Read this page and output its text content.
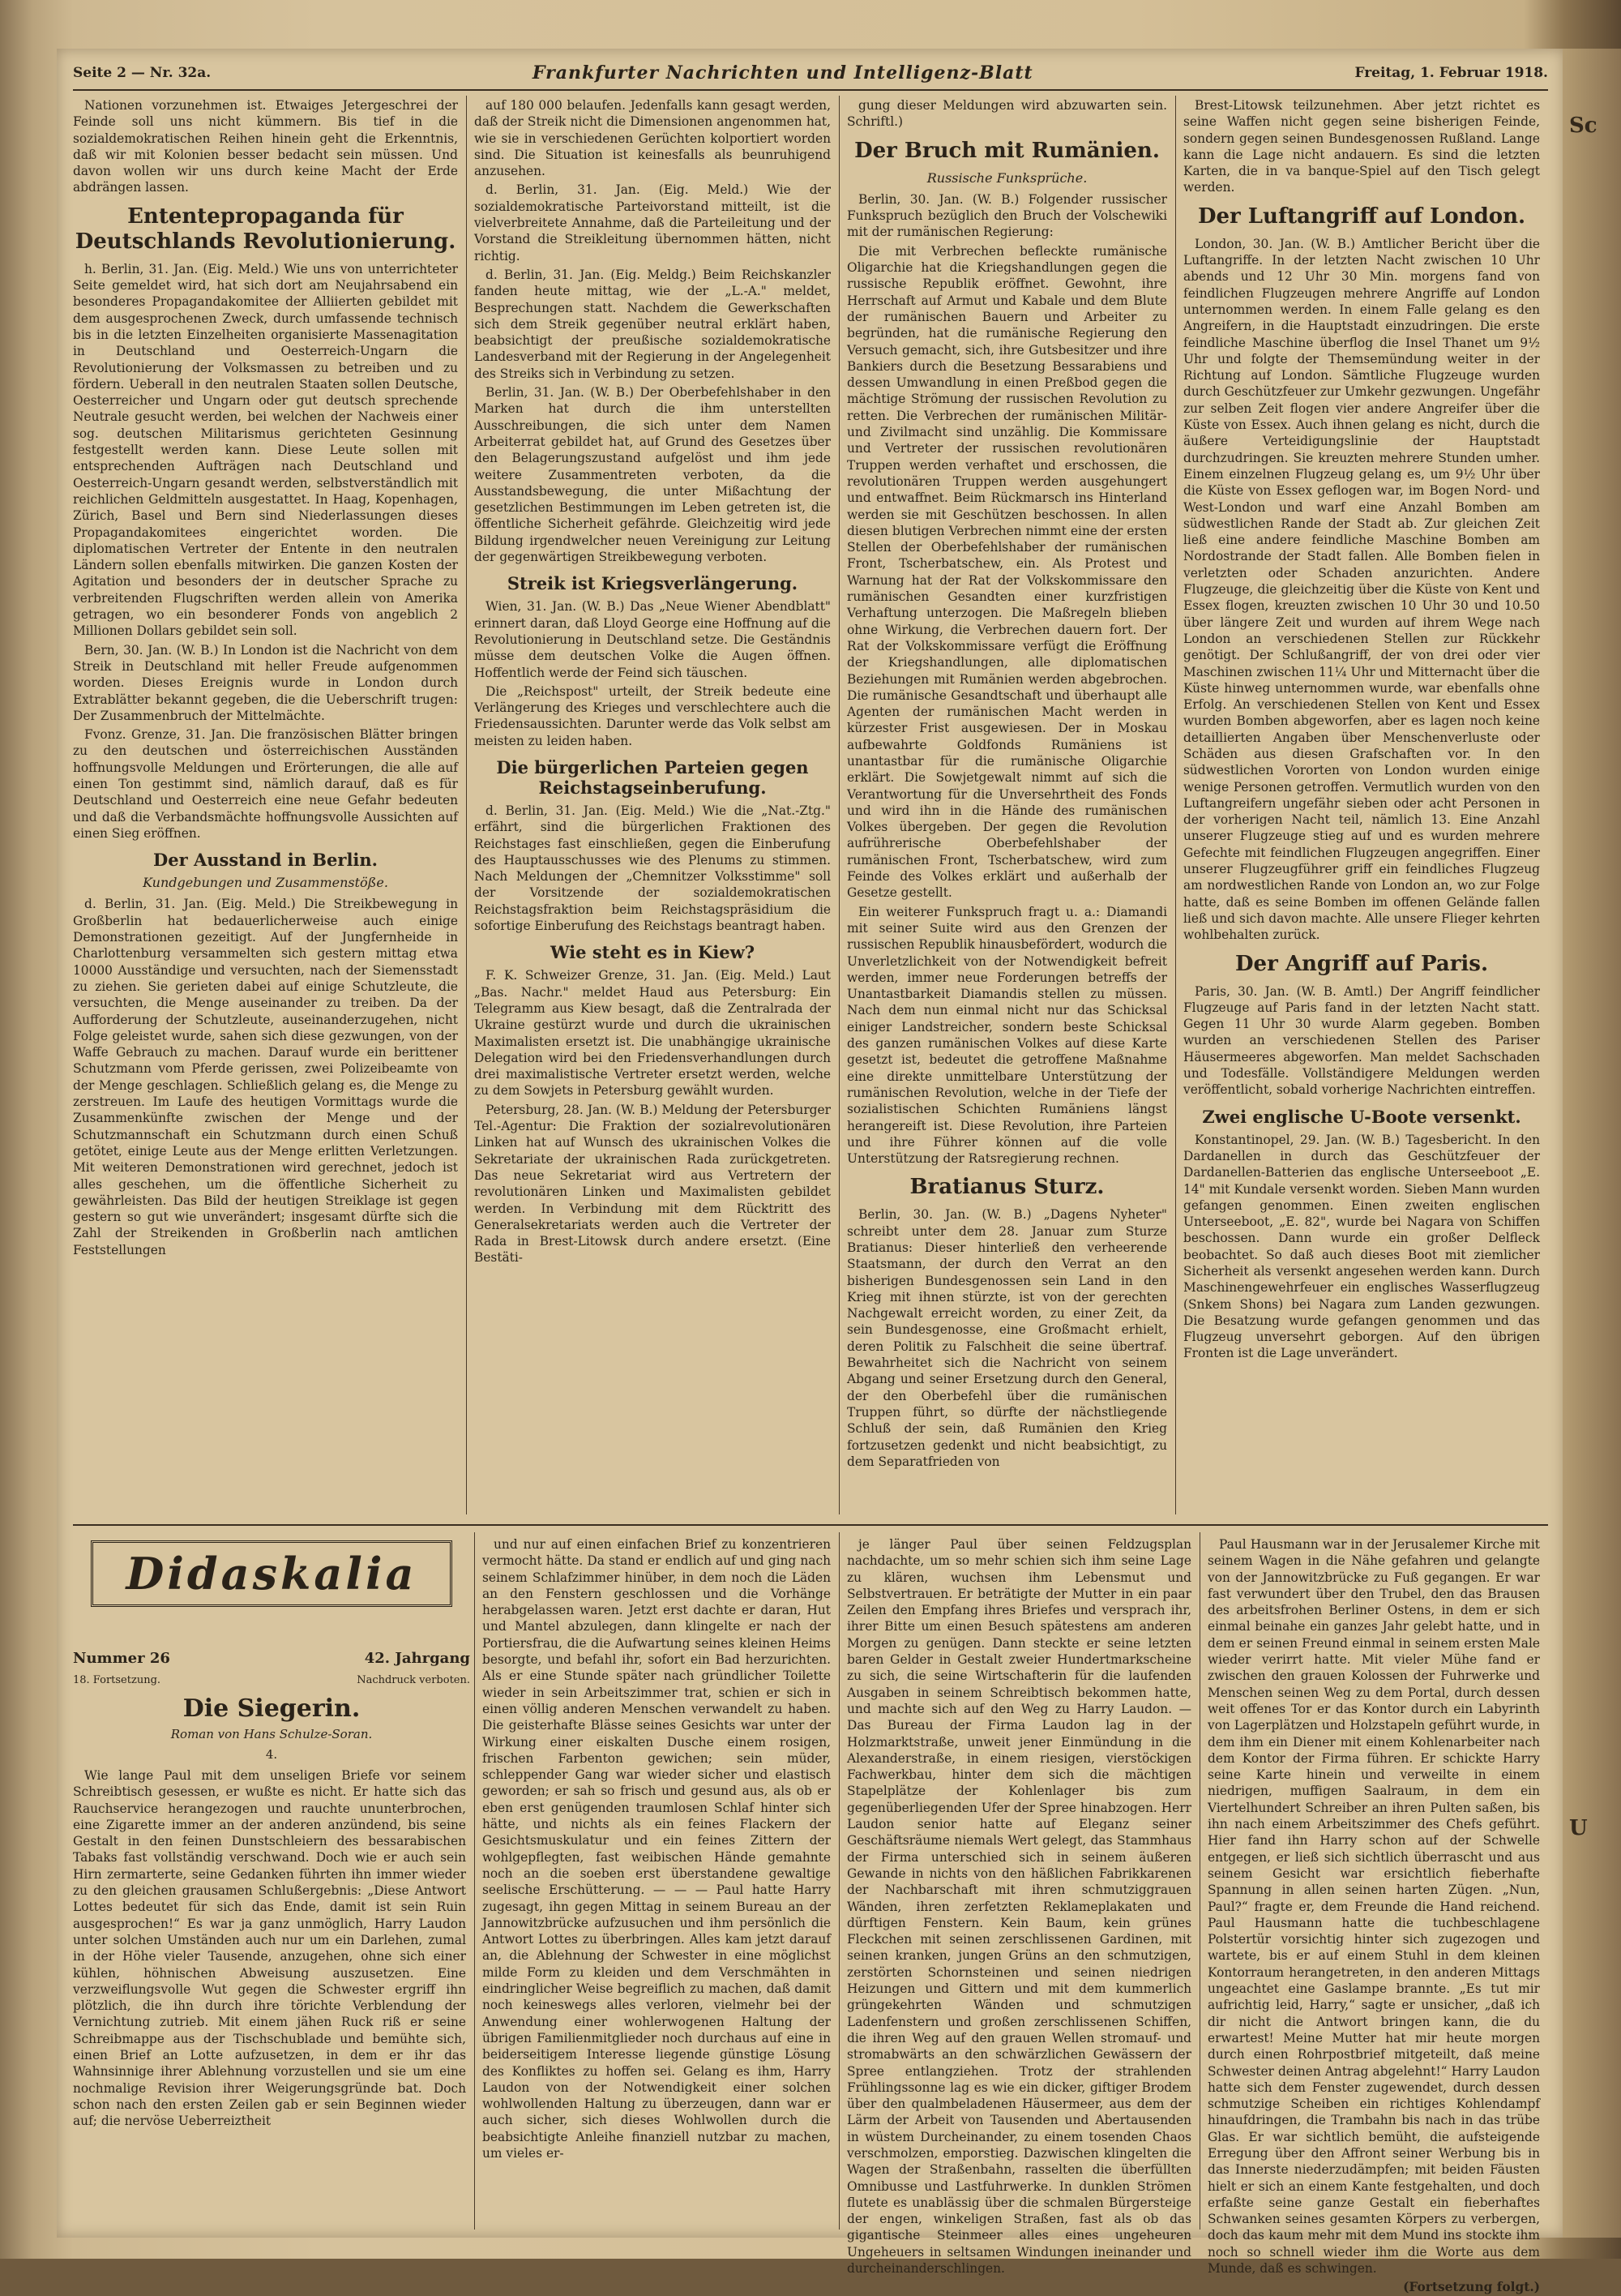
Sc
U
Seite 2 — Nr. 32a.	Frankfurter Nachrichten und Intelligenz-Blatt	Freitag, 1. Februar 1918.

Nationen vorzunehmen ist. Etwaiges Jetergeschrei der Feinde soll uns nicht kümmern. Bis tief in die sozialdemokratischen Reihen hinein geht die Erkenntnis, daß wir mit Kolonien besser bedacht sein müssen. Und davon wollen wir uns durch keine Macht der Erde abdrängen lassen.

Ententepropaganda für Deutschlands Revolutionierung.

h. Berlin, 31. Jan. (Eig. Meld.) Wie uns von unterrichteter Seite gemeldet wird, hat sich dort am Neujahrsabend ein besonderes Propagandakomitee der Alliierten gebildet mit dem ausgesprochenen Zweck, durch umfassende technisch bis in die letzten Einzelheiten organisierte Massenagitation in Deutschland und Oesterreich-Ungarn die Revolutionierung der Volksmassen zu betreiben und zu fördern. Ueberall in den neutralen Staaten sollen Deutsche, Oesterreicher und Ungarn oder gut deutsch sprechende Neutrale gesucht werden, bei welchen der Nachweis einer sog. deutschen Militarismus gerichteten Gesinnung festgestellt werden kann. Diese Leute sollen mit entsprechenden Aufträgen nach Deutschland und Oesterreich-Ungarn gesandt werden, selbstverständlich mit reichlichen Geldmitteln ausgestattet. In Haag, Kopenhagen, Zürich, Basel und Bern sind Niederlassungen dieses Propagandakomitees eingerichtet worden. Die diplomatischen Vertreter der Entente in den neutralen Ländern sollen ebenfalls mitwirken. Die ganzen Kosten der Agitation und besonders der in deutscher Sprache zu verbreitenden Flugschriften werden allein von Amerika getragen, wo ein besonderer Fonds von angeblich 2 Millionen Dollars gebildet sein soll.

Bern, 30. Jan. (W. B.) In London ist die Nachricht von dem Streik in Deutschland mit heller Freude aufgenommen worden. Dieses Ereignis wurde in London durch Extrablätter bekannt gegeben, die die Ueberschrift trugen: Der Zusammenbruch der Mittelmächte.

Fvonz. Grenze, 31. Jan. Die französischen Blätter bringen zu den deutschen und österreichischen Ausständen hoffnungsvolle Meldungen und Erörterungen, die alle auf einen Ton gestimmt sind, nämlich darauf, daß es für Deutschland und Oesterreich eine neue Gefahr bedeuten und daß die Verbandsmächte hoffnungsvolle Aussichten auf einen Sieg eröffnen.

Der Ausstand in Berlin.
Kundgebungen und Zusammenstöße.

d. Berlin, 31. Jan. (Eig. Meld.) Die Streikbewegung in Großberlin hat bedauerlicherweise auch einige Demonstrationen gezeitigt. Auf der Jungfernheide in Charlottenburg versammelten sich gestern mittag etwa 10000 Ausständige und versuchten, nach der Siemensstadt zu ziehen. Sie gerieten dabei auf einige Schutzleute, die versuchten, die Menge auseinander zu treiben. Da der Aufforderung der Schutzleute, auseinanderzugehen, nicht Folge geleistet wurde, sahen sich diese gezwungen, von der Waffe Gebrauch zu machen. Darauf wurde ein berittener Schutzmann vom Pferde gerissen, zwei Polizeibeamte von der Menge geschlagen. Schließlich gelang es, die Menge zu zerstreuen. Im Laufe des heutigen Vormittags wurde die Zusammenkünfte zwischen der Menge und der Schutzmannschaft ein Schutzmann durch einen Schuß getötet, einige Leute aus der Menge erlitten Verletzungen. Mit weiteren Demonstrationen wird gerechnet, jedoch ist alles geschehen, um die öffentliche Sicherheit zu gewährleisten. Das Bild der heutigen Streiklage ist gegen gestern so gut wie unverändert; insgesamt dürfte sich die Zahl der Streikenden in Großberlin nach amtlichen Feststellungen

auf 180 000 belaufen. Jedenfalls kann gesagt werden, daß der Streik nicht die Dimensionen angenommen hat, wie sie in verschiedenen Gerüchten kolportiert worden sind. Die Situation ist keinesfalls als beunruhigend anzusehen.

d. Berlin, 31. Jan. (Eig. Meld.) Wie der sozialdemokratische Parteivorstand mitteilt, ist die vielverbreitete Annahme, daß die Parteileitung und der Vorstand die Streikleitung übernommen hätten, nicht richtig.

d. Berlin, 31. Jan. (Eig. Meldg.) Beim Reichskanzler fanden heute mittag, wie der „L.-A." meldet, Besprechungen statt. Nachdem die Gewerkschaften sich dem Streik gegenüber neutral erklärt haben, beabsichtigt der preußische sozialdemokratische Landesverband mit der Regierung in der Angelegenheit des Streiks sich in Verbindung zu setzen.

Berlin, 31. Jan. (W. B.) Der Oberbefehlshaber in den Marken hat durch die ihm unterstellten Ausschreibungen, die sich unter dem Namen Arbeiterrat gebildet hat, auf Grund des Gesetzes über den Belagerungszustand aufgelöst und ihm jede weitere Zusammentreten verboten, da die Ausstandsbewegung, die unter Mißachtung der gesetzlichen Bestimmungen im Leben getreten ist, die öffentliche Sicherheit gefährde. Gleichzeitig wird jede Bildung irgendwelcher neuen Vereinigung zur Leitung der gegenwärtigen Streikbewegung verboten.

Streik ist Kriegsverlängerung.

Wien, 31. Jan. (W. B.) Das „Neue Wiener Abendblatt" erinnert daran, daß Lloyd George eine Hoffnung auf die Revolutionierung in Deutschland setze. Die Geständnis müsse dem deutschen Volke die Augen öffnen. Hoffentlich werde der Feind sich täuschen.

Die „Reichspost" urteilt, der Streik bedeute eine Verlängerung des Krieges und verschlechtere auch die Friedensaussichten. Darunter werde das Volk selbst am meisten zu leiden haben.

Die bürgerlichen Parteien gegen Reichstagseinberufung.

d. Berlin, 31. Jan. (Eig. Meld.) Wie die „Nat.-Ztg." erfährt, sind die bürgerlichen Fraktionen des Reichstages fast einschließen, gegen die Einberufung des Hauptausschusses wie des Plenums zu stimmen. Nach Meldungen der „Chemnitzer Volksstimme" soll der Vorsitzende der sozialdemokratischen Reichstagsfraktion beim Reichstagspräsidium die sofortige Einberufung des Reichstags beantragt haben.

Wie steht es in Kiew?

F. K. Schweizer Grenze, 31. Jan. (Eig. Meld.) Laut „Bas. Nachr." meldet Haud aus Petersburg: Ein Telegramm aus Kiew besagt, daß die Zentralrada der Ukraine gestürzt wurde und durch die ukrainischen Maximalisten ersetzt ist. Die unabhängige ukrainische Delegation wird bei den Friedensverhandlungen durch drei maximalistische Vertreter ersetzt werden, welche zu dem Sowjets in Petersburg gewählt wurden.

Petersburg, 28. Jan. (W. B.) Meldung der Petersburger Tel.-Agentur: Die Fraktion der sozialrevolutionären Linken hat auf Wunsch des ukrainischen Volkes die Sekretariate der ukrainischen Rada zurückgetreten. Das neue Sekretariat wird aus Vertretern der revolutionären Linken und Maximalisten gebildet werden. In Verbindung mit dem Rücktritt des Generalsekretariats werden auch die Vertreter der Rada in Brest-Litowsk durch andere ersetzt. (Eine Bestäti-

gung dieser Meldungen wird abzuwarten sein. Schriftl.)

Der Bruch mit Rumänien.
Russische Funksprüche.

Berlin, 30. Jan. (W. B.) Folgender russischer Funkspruch bezüglich den Bruch der Volschewiki mit der rumänischen Regierung:

Die mit Verbrechen befleckte rumänische Oligarchie hat die Kriegshandlungen gegen die russische Republik eröffnet. Gewohnt, ihre Herrschaft auf Armut und Kabale und dem Blute der rumänischen Bauern und Arbeiter zu begründen, hat die rumänische Regierung den Versuch gemacht, sich, ihre Gutsbesitzer und ihre Bankiers durch die Besetzung Bessarabiens und dessen Umwandlung in einen Preßbod gegen die mächtige Strömung der russischen Revolution zu retten. Die Verbrechen der rumänischen Militär- und Zivilmacht sind unzählig. Die Kommissare und Vertreter der russischen revolutionären Truppen werden verhaftet und erschossen, die revolutionären Truppen werden ausgehungert und entwaffnet. Beim Rückmarsch ins Hinterland werden sie mit Geschützen beschossen. In allen diesen blutigen Verbrechen nimmt eine der ersten Stellen der Oberbefehlshaber der rumänischen Front, Tscherbatschew, ein. Als Protest und Warnung hat der Rat der Volkskommissare den rumänischen Gesandten einer kurzfristigen Verhaftung unterzogen. Die Maßregeln blieben ohne Wirkung, die Verbrechen dauern fort. Der Rat der Volkskommissare verfügt die Eröffnung der Kriegshandlungen, alle diplomatischen Beziehungen mit Rumänien werden abgebrochen. Die rumänische Gesandtschaft und überhaupt alle Agenten der rumänischen Macht werden in kürzester Frist ausgewiesen. Der in Moskau aufbewahrte Goldfonds Rumäniens ist unantastbar für die rumänische Oligarchie erklärt. Die Sowjetgewalt nimmt auf sich die Verantwortung für die Unversehrtheit des Fonds und wird ihn in die Hände des rumänischen Volkes übergeben. Der gegen die Revolution aufrührerische Oberbefehlshaber der rumänischen Front, Tscherbatschew, wird zum Feinde des Volkes erklärt und außerhalb der Gesetze gestellt.

Ein weiterer Funkspruch fragt u. a.: Diamandi mit seiner Suite wird aus den Grenzen der russischen Republik hinausbefördert, wodurch die Unverletzlichkeit von der Notwendigkeit befreit werden, immer neue Forderungen betreffs der Unantastbarkeit Diamandis stellen zu müssen. Nach dem nun einmal nicht nur das Schicksal einiger Landstreicher, sondern beste Schicksal des ganzen rumänischen Volkes auf diese Karte gesetzt ist, bedeutet die getroffene Maßnahme eine direkte unmittelbare Unterstützung der rumänischen Revolution, welche in der Tiefe der sozialistischen Schichten Rumäniens längst herangereift ist. Diese Revolution, ihre Parteien und ihre Führer können auf die volle Unterstützung der Ratsregierung rechnen.

Bratianus Sturz.

Berlin, 30. Jan. (W. B.) „Dagens Nyheter" schreibt unter dem 28. Januar zum Sturze Bratianus: Dieser hinterließ den verheerende Staatsmann, der durch den Verrat an den bisherigen Bundesgenossen sein Land in den Krieg mit ihnen stürzte, ist von der gerechten Nachgewalt erreicht worden, zu einer Zeit, da sein Bundesgenosse, eine Großmacht erhielt, deren Politik zu Falschheit die seine übertraf. Bewahrheitet sich die Nachricht von seinem Abgang und seiner Ersetzung durch den General, der den Oberbefehl über die rumänischen Truppen führt, so dürfte der nächstliegende Schluß der sein, daß Rumänien den Krieg fortzusetzen gedenkt und nicht beabsichtigt, zu dem Separatfrieden von

Brest-Litowsk teilzunehmen. Aber jetzt richtet es seine Waffen nicht gegen seine bisherigen Feinde, sondern gegen seinen Bundesgenossen Rußland. Lange kann die Lage nicht andauern. Es sind die letzten Karten, die in va banque-Spiel auf den Tisch gelegt werden.

Der Luftangriff auf London.

London, 30. Jan. (W. B.) Amtlicher Bericht über die Luftangriffe. In der letzten Nacht zwischen 10 Uhr abends und 12 Uhr 30 Min. morgens fand von feindlichen Flugzeugen mehrere Angriffe auf London unternommen werden. In einem Falle gelang es den Angreifern, in die Hauptstadt einzudringen. Die erste feindliche Maschine überflog die Insel Thanet um 9½ Uhr und folgte der Themsemündung weiter in der Richtung auf London. Sämtliche Flugzeuge wurden durch Geschützfeuer zur Umkehr gezwungen. Ungefähr zur selben Zeit flogen vier andere Angreifer über die Küste von Essex. Auch ihnen gelang es nicht, durch die äußere Verteidigungslinie der Hauptstadt durchzudringen. Sie kreuzten mehrere Stunden umher. Einem einzelnen Flugzeug gelang es, um 9½ Uhr über die Küste von Essex geflogen war, im Bogen Nord- und West-London und warf eine Anzahl Bomben am südwestlichen Rande der Stadt ab. Zur gleichen Zeit ließ eine andere feindliche Maschine Bomben am Nordostrande der Stadt fallen. Alle Bomben fielen in verletzten oder Schaden anzurichten. Andere Flugzeuge, die gleichzeitig über die Küste von Kent und Essex flogen, kreuzten zwischen 10 Uhr 30 und 10.50 über längere Zeit und wurden auf ihrem Wege nach London an verschiedenen Stellen zur Rückkehr genötigt. Der Schlußangriff, der von drei oder vier Maschinen zwischen 11¼ Uhr und Mitternacht über die Küste hinweg unternommen wurde, war ebenfalls ohne Erfolg. An verschiedenen Stellen von Kent und Essex wurden Bomben abgeworfen, aber es lagen noch keine detaillierten Angaben über Menschenverluste oder Schäden aus diesen Grafschaften vor. In den südwestlichen Vororten von London wurden einige wenige Personen getroffen. Vermutlich wurden von den Luftangreifern ungefähr sieben oder acht Personen in der vorherigen Nacht teil, nämlich 13. Eine Anzahl unserer Flugzeuge stieg auf und es wurden mehrere Gefechte mit feindlichen Flugzeugen angegriffen. Einer unserer Flugzeugführer griff ein feindliches Flugzeug am nordwestlichen Rande von London an, wo zur Folge hatte, daß es seine Bomben im offenen Gelände fallen ließ und sich davon machte. Alle unsere Flieger kehrten wohlbehalten zurück.

Der Angriff auf Paris.

Paris, 30. Jan. (W. B. Amtl.) Der Angriff feindlicher Flugzeuge auf Paris fand in der letzten Nacht statt. Gegen 11 Uhr 30 wurde Alarm gegeben. Bomben wurden an verschiedenen Stellen des Pariser Häusermeeres abgeworfen. Man meldet Sachschaden und Todesfälle. Vollständigere Meldungen werden veröffentlicht, sobald vorherige Nachrichten eintreffen.

Zwei englische U-Boote versenkt.

Konstantinopel, 29. Jan. (W. B.) Tagesbericht. In den Dardanellen in durch das Geschützfeuer der Dardanellen-Batterien das englische Unterseeboot „E. 14" mit Kundale versenkt worden. Sieben Mann wurden gefangen genommen. Einen zweiten englischen Unterseeboot, „E. 82", wurde bei Nagara von Schiffen beschossen. Dann wurde ein großer Delfleck beobachtet. So daß auch dieses Boot mit ziemlicher Sicherheit als versenkt angesehen werden kann. Durch Maschinengewehrfeuer ein englisches Wasserflugzeug (Snkem Shons) bei Nagara zum Landen gezwungen. Die Besatzung wurde gefangen genommen und das Flugzeug unversehrt geborgen. Auf den übrigen Fronten ist die Lage unverändert.

Didaskalia
Nummer 26	42. Jahrgang
18. Fortsetzung.	Nachdruck verboten.
Die Siegerin.
Roman von Hans Schulze-Soran.
4.

Wie lange Paul mit dem unseligen Briefe vor seinem Schreibtisch gesessen, er wußte es nicht. Er hatte sich das Rauchservice herangezogen und rauchte ununterbrochen, eine Zigarette immer an der anderen anzündend, bis seine Gestalt in den feinen Dunstschleiern des bessarabischen Tabaks fast vollständig verschwand. Doch wie er auch sein Hirn zermarterte, seine Gedanken führten ihn immer wieder zu den gleichen grausamen Schlußergebnis: „Diese Antwort Lottes bedeutet für sich das Ende, damit ist sein Ruin ausgesprochen!“ Es war ja ganz unmöglich, Harry Laudon unter solchen Umständen auch nur um ein Darlehen, zumal in der Höhe vieler Tausende, anzugehen, ohne sich einer kühlen, höhnischen Abweisung auszusetzen. Eine verzweiflungsvolle Wut gegen die Schwester ergriff ihn plötzlich, die ihn durch ihre törichte Verblendung der Vernichtung zutrieb. Mit einem jähen Ruck riß er seine Schreibmappe aus der Tischschublade und bemühte sich, einen Brief an Lotte aufzusetzen, in dem er ihr das Wahnsinnige ihrer Ablehnung vorzustellen und sie um eine nochmalige Revision ihrer Weigerungsgründe bat. Doch schon nach den ersten Zeilen gab er sein Beginnen wieder auf; die nervöse Ueberreiztheit

und nur auf einen einfachen Brief zu konzentrieren vermocht hätte. Da stand er endlich auf und ging nach seinem Schlafzimmer hinüber, in dem noch die Läden an den Fenstern geschlossen und die Vorhänge herabgelassen waren. Jetzt erst dachte er daran, Hut und Mantel abzulegen, dann klingelte er nach der Portiersfrau, die die Aufwartung seines kleinen Heims besorgte, und befahl ihr, sofort ein Bad herzurichten. Als er eine Stunde später nach gründlicher Toilette wieder in sein Arbeitszimmer trat, schien er sich in einen völlig anderen Menschen verwandelt zu haben. Die geisterhafte Blässe seines Gesichts war unter der Wirkung einer eiskalten Dusche einem rosigen, frischen Farbenton gewichen; sein müder, schleppender Gang war wieder sicher und elastisch geworden; er sah so frisch und gesund aus, als ob er eben erst genügenden traumlosen Schlaf hinter sich hätte, und nichts als ein feines Flackern der Gesichtsmuskulatur und ein feines Zittern der wohlgepflegten, fast weibischen Hände gemahnte noch an die soeben erst überstandene gewaltige seelische Erschütterung. — — — Paul hatte Harry zugesagt, ihn gegen Mittag in seinem Bureau an der Jannowitzbrücke aufzusuchen und ihm persönlich die Antwort Lottes zu überbringen. Alles kam jetzt darauf an, die Ablehnung der Schwester in eine möglichst milde Form zu kleiden und dem Verschmähten in eindringlicher Weise begreiflich zu machen, daß damit noch keineswegs alles verloren, vielmehr bei der Anwendung einer wohlerwogenen Haltung der übrigen Familienmitglieder noch durchaus auf eine in beiderseitigem Interesse liegende günstige Lösung des Konfliktes zu hoffen sei. Gelang es ihm, Harry Laudon von der Notwendigkeit einer solchen wohlwollenden Haltung zu überzeugen, dann war er auch sicher, sich dieses Wohlwollen durch die beabsichtigte Anleihe finanziell nutzbar zu machen, um vieles er-

je länger Paul über seinen Feldzugsplan nachdachte, um so mehr schien sich ihm seine Lage zu klären, wuchsen ihm Lebensmut und Selbstvertrauen. Er beträtigte der Mutter in ein paar Zeilen den Empfang ihres Briefes und versprach ihr, ihrer Bitte um einen Besuch spätestens am anderen Morgen zu genügen. Dann steckte er seine letzten baren Gelder in Gestalt zweier Hundertmarkscheine zu sich, die seine Wirtschafterin für die laufenden Ausgaben in seinem Schreibtisch bekommen hatte, und machte sich auf den Weg zu Harry Laudon. — Das Bureau der Firma Laudon lag in der Holzmarktstraße, unweit jener Einmündung in die Alexanderstraße, in einem riesigen, vierstöckigen Fachwerkbau, hinter dem sich die mächtigen Stapelplätze der Kohlenlager bis zum gegenüberliegenden Ufer der Spree hinabzogen. Herr Laudon senior hatte auf Eleganz seiner Geschäftsräume niemals Wert gelegt, das Stammhaus der Firma unterschied sich in seinem äußeren Gewande in nichts von den häßlichen Fabrikkarenen der Nachbarschaft mit ihren schmutziggrauen Wänden, ihren zerfetzten Reklameplakaten und dürftigen Fenstern. Kein Baum, kein grünes Fleckchen mit seinen zerschlissenen Gardinen, mit seinen kranken, jungen Grüns an den schmutzigen, zerstörten Schornsteinen und seinen niedrigen Heizungen und Gittern und mit dem kummerlich grüngekehrten Wänden und schmutzigen Ladenfenstern und großen zerschlissenen Schiffen, die ihren Weg auf den grauen Wellen stromauf- und stromabwärts an den schwärzlichen Gewässern der Spree entlangziehen. Trotz der strahlenden Frühlingssonne lag es wie ein dicker, giftiger Brodem über den qualmbeladenen Häusermeer, aus dem der Lärm der Arbeit von Tausenden und Abertausenden in wüstem Durcheinander, zu einem tosenden Chaos verschmolzen, emporstieg. Dazwischen klingelten die Wagen der Straßenbahn, rasselten die überfüllten Omnibusse und Lastfuhrwerke. In dunklen Strömen flutete es unablässig über die schmalen Bürgersteige der engen, winkeligen Straßen, fast als ob das gigantische Steinmeer alles eines ungeheuren Ungeheuers in seltsamen Windungen ineinander und durcheinanderschlingen.

Paul Hausmann war in der Jerusalemer Kirche mit seinem Wagen in die Nähe gefahren und gelangte von der Jannowitzbrücke zu Fuß gegangen. Er war fast verwundert über den Trubel, den das Brausen des arbeitsfrohen Berliner Ostens, in dem er sich einmal beinahe ein ganzes Jahr gelebt hatte, und in dem er seinen Freund einmal in seinem ersten Male wieder verirrt hatte. Mit vieler Mühe fand er zwischen den grauen Kolossen der Fuhrwerke und Menschen seinen Weg zu dem Portal, durch dessen weit offenes Tor er das Kontor durch ein Labyrinth von Lagerplätzen und Holzstapeln geführt wurde, in dem ihm ein Diener mit einem Kohlenarbeiter nach dem Kontor der Firma führen. Er schickte Harry seine Karte hinein und verweilte in einem niedrigen, muffigen Saalraum, in dem ein Viertelhundert Schreiber an ihren Pulten saßen, bis ihn nach einem Arbeitszimmer des Chefs geführt. Hier fand ihn Harry schon auf der Schwelle entgegen, er ließ sich sichtlich überrascht und aus seinem Gesicht war ersichtlich fieberhafte Spannung in allen seinen harten Zügen. „Nun, Paul?“ fragte er, dem Freunde die Hand reichend. Paul Hausmann hatte die tuchbeschlagene Polstertür vorsichtig hinter sich zugezogen und wartete, bis er auf einem Stuhl in dem kleinen Kontorraum herangetreten, in den anderen Mittags ungeachtet eine Gaslampe brannte. „Es tut mir aufrichtig leid, Harry,“ sagte er unsicher, „daß ich dir nicht die Antwort bringen kann, die du erwartest! Meine Mutter hat mir heute morgen durch einen Rohrpostbrief mitgeteilt, daß meine Schwester deinen Antrag abgelehnt!“ Harry Laudon hatte sich dem Fenster zugewendet, durch dessen schmutzige Scheiben ein richtiges Kohlendampf hinaufdringen, die Trambahn bis nach in das trübe Glas. Er war sichtlich bemüht, die aufsteigende Erregung über den Affront seiner Werbung bis in das Innerste niederzudämpfen; mit beiden Fäusten hielt er sich an einem Kante festgehalten, und doch erfaßte seine ganze Gestalt ein fieberhaftes Schwanken seines gesamten Körpers zu verbergen, doch das kaum mehr mit dem Mund ins stockte ihm noch so schnell wieder ihm die Worte aus dem Munde, daß es schwingen.

(Fortsetzung folgt.)
